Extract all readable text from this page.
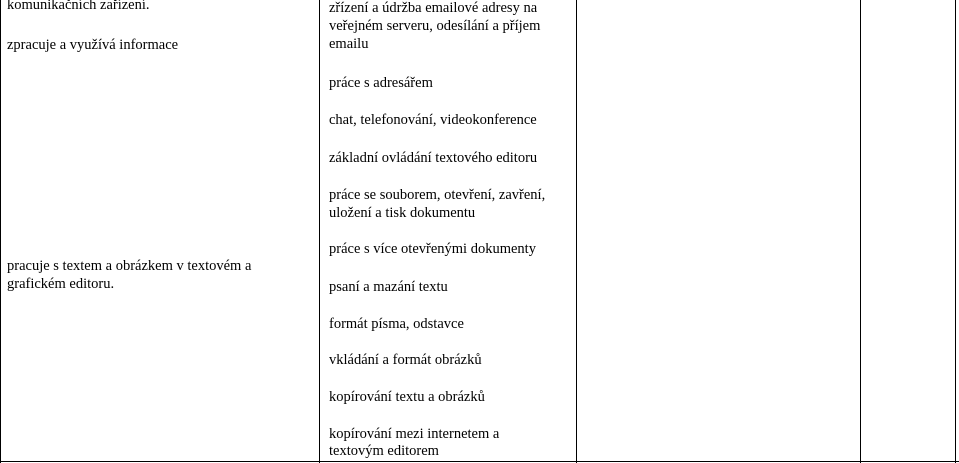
komunikačních zařízení.
zpracuje a využívá informace
pracuje s textem a obrázkem v textovém a
grafickém editoru.
zřízení a údržba emailové adresy na
veřejném serveru, odesílání a příjem
emailu
práce s adresářem
chat, telefonování, videokonference
základní ovládání textového editoru
práce se souborem, otevření, zavření,
uložení a tisk dokumentu
práce s více otevřenými dokumenty
psaní a mazání textu
formát písma, odstavce
vkládání a formát obrázků
kopírování textu a obrázků
kopírování mezi internetem a
textovým editorem
